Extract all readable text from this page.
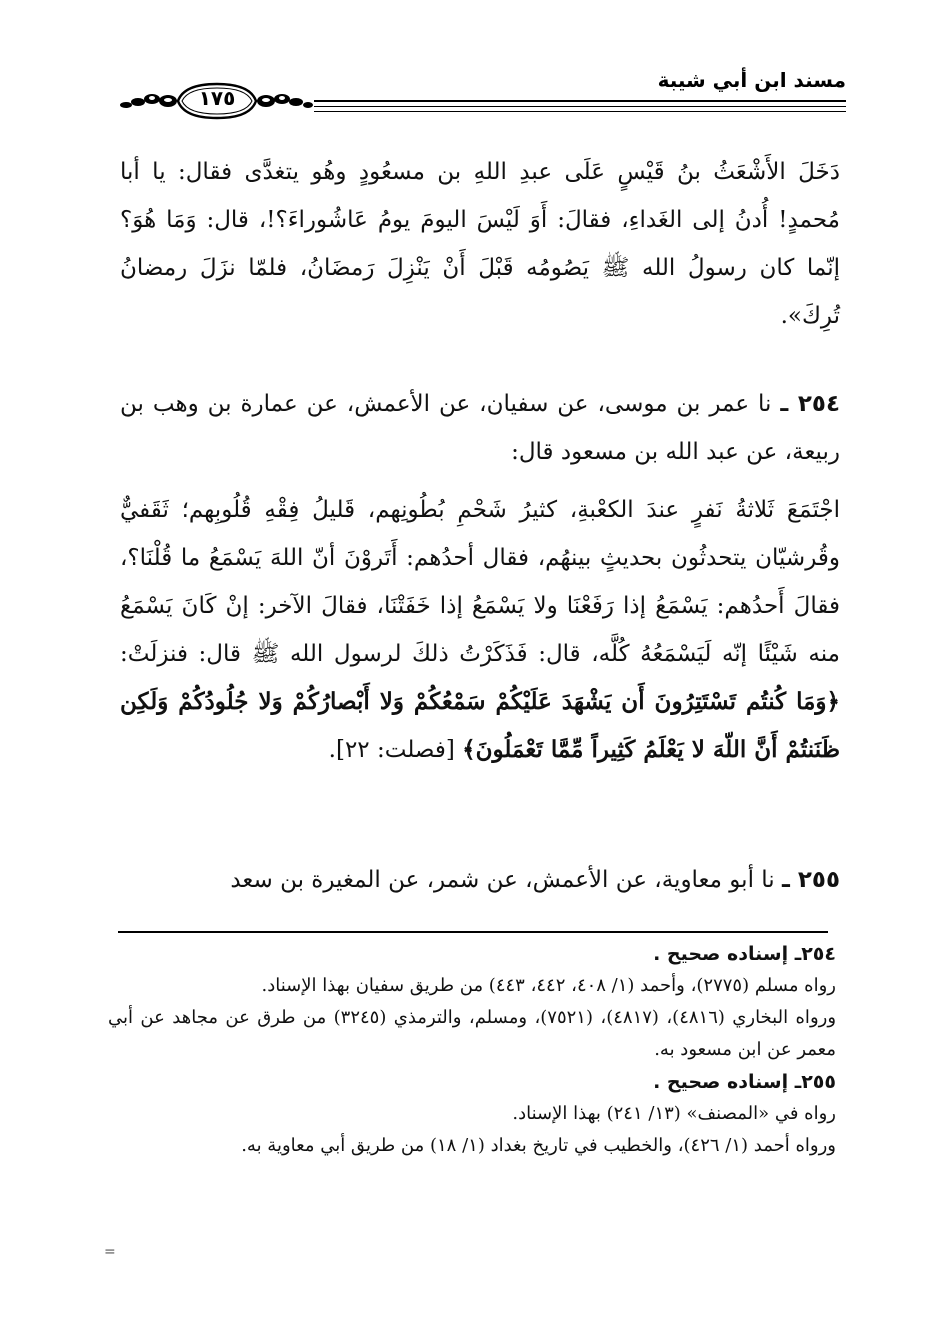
مسند ابن أبي شيبة
١٧٥

دَخَلَ الأَشْعَثُ بنُ قَيْسٍ عَلَى عبدِ اللهِ بن مسعُودٍ وهُو يتغدَّى فقال: يا أبا مُحمدٍ! أُدنُ إلى الغَداءِ، فقالَ: أَوَ لَيْسَ اليومَ يومُ عَاشُوراءَ؟!، قال: وَمَا هُوَ؟ إنّما كان رسولُ الله ﷺ يَصُومُه قَبْلَ أَنْ يَنْزِلَ رَمضَانُ، فلمّا نزَلَ رمضانُ تُرِكَ».

٢٥٤ ـ نا عمر بن موسى، عن سفيان، عن الأعمش، عن عمارة بن وهب بن ربيعة، عن عبد الله بن مسعود قال:

اجْتَمَعَ ثَلاثةُ نَفرٍ عندَ الكعْبةِ، كثيرُ شَحْمِ بُطُونِهم، قَليلُ فِقْهِ قُلُوبِهم؛ ثَقَفيٌّ وقُرشيّان يتحدثُون بحديثٍ بينهُم، فقال أحدُهم: أَتَروْنَ أنّ اللهَ يَسْمَعُ ما قُلْنَا؟، فقالَ أَحدُهم: يَسْمَعُ إذا رَفَعْنَا ولا يَسْمَعُ إذا خَفَتْنَا، فقالَ الآخر: إنْ كَانَ يَسْمَعُ منه شَيْئًا إنّه لَيَسْمَعُهُ كُلَّه، قال: فَذَكَرْتُ ذلكَ لرسول الله ﷺ قال: فنزلَتْ: ﴿وَمَا كُنتُم تَسْتَتِرُونَ أَن يَشْهَدَ عَلَيْكُمْ سَمْعُكُمْ وَلا أَبْصارُكُمْ وَلا جُلُودُكُمْ وَلَكِن ظَنَنتُمْ أَنَّ اللّهَ لا يَعْلَمُ كَثِيراً مِّمَّا تَعْمَلُونَ﴾ [فصلت: ٢٢].

٢٥٥ ـ نا أبو معاوية، عن الأعمش، عن شمر، عن المغيرة بن سعد

٢٥٤ـ إسناده صحيح .

رواه مسلم (٢٧٧٥)، وأحمد (١/ ٤٠٨، ٤٤٢، ٤٤٣) من طريق سفيان بهذا الإسناد.

ورواه البخاري (٤٨١٦)، (٤٨١٧)، (٧٥٢١)، ومسلم، والترمذي (٣٢٤٥) من طرق عن مجاهد عن أبي معمر عن ابن مسعود به.

٢٥٥ـ إسناده صحيح .

رواه في «المصنف» (١٣/ ٢٤١) بهذا الإسناد.

ورواه أحمد (١/ ٤٢٦)، والخطيب في تاريخ بغداد (١/ ١٨) من طريق أبي معاوية به.

=
